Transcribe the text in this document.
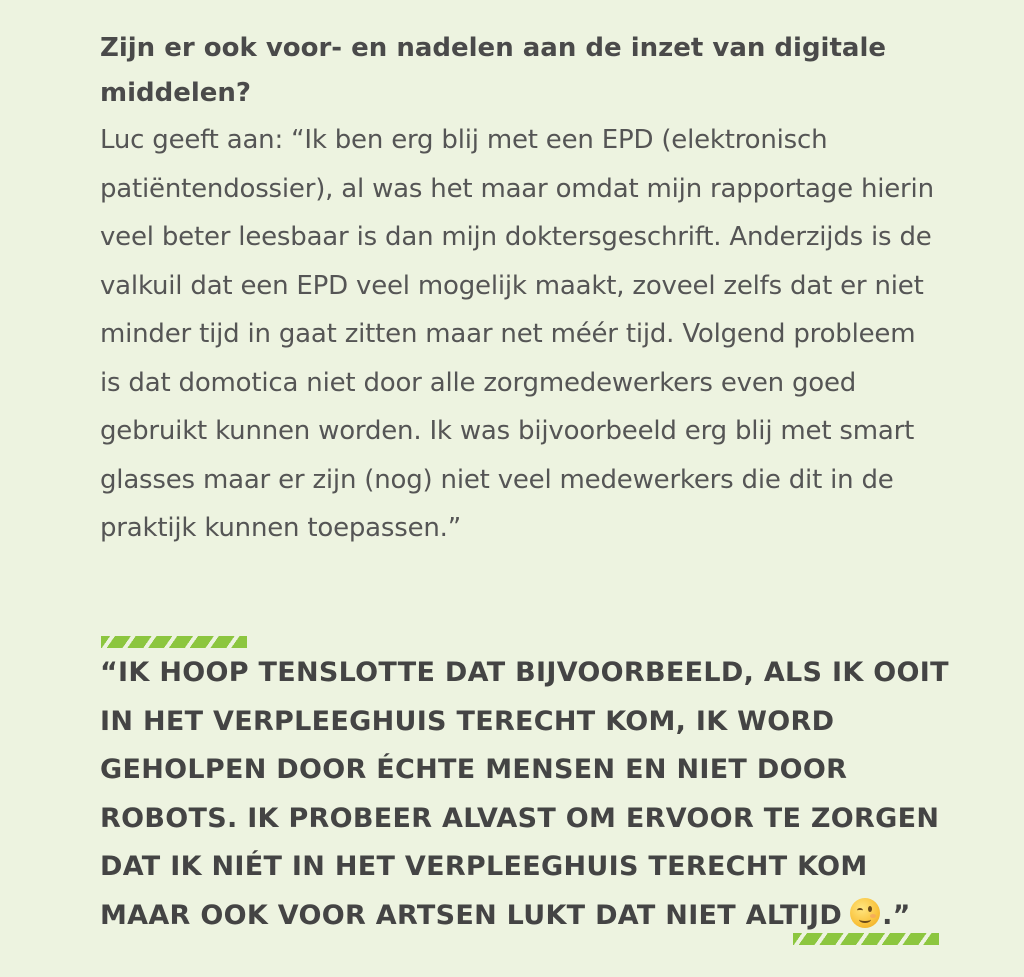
Zijn er ook voor- en nadelen aan de inzet van digitale middelen?

Luc geeft aan: “Ik ben erg blij met een EPD (elektronisch patiëntendossier), al was het maar omdat mijn rapportage hierin veel beter leesbaar is dan mijn doktersgeschrift. Anderzijds is de valkuil dat een EPD veel mogelijk maakt, zoveel zelfs dat er niet minder tijd in gaat zitten maar net méér tijd. Volgend probleem is dat domotica niet door alle zorgmedewerkers even goed gebruikt kunnen worden. Ik was bijvoorbeeld erg blij met smart glasses maar er zijn (nog) niet veel medewerkers die dit in de praktijk kunnen toepassen.”

“IK HOOP TENSLOTTE DAT BIJVOORBEELD, ALS IK OOIT IN HET VERPLEEGHUIS TERECHT KOM, IK WORD GEHOLPEN DOOR ÉCHTE MENSEN EN NIET DOOR ROBOTS. IK PROBEER ALVAST OM ERVOOR TE ZORGEN DAT IK NIÉT IN HET VERPLEEGHUIS TERECHT KOM MAAR OOK VOOR ARTSEN LUKT DAT NIET ALTIJD .”
